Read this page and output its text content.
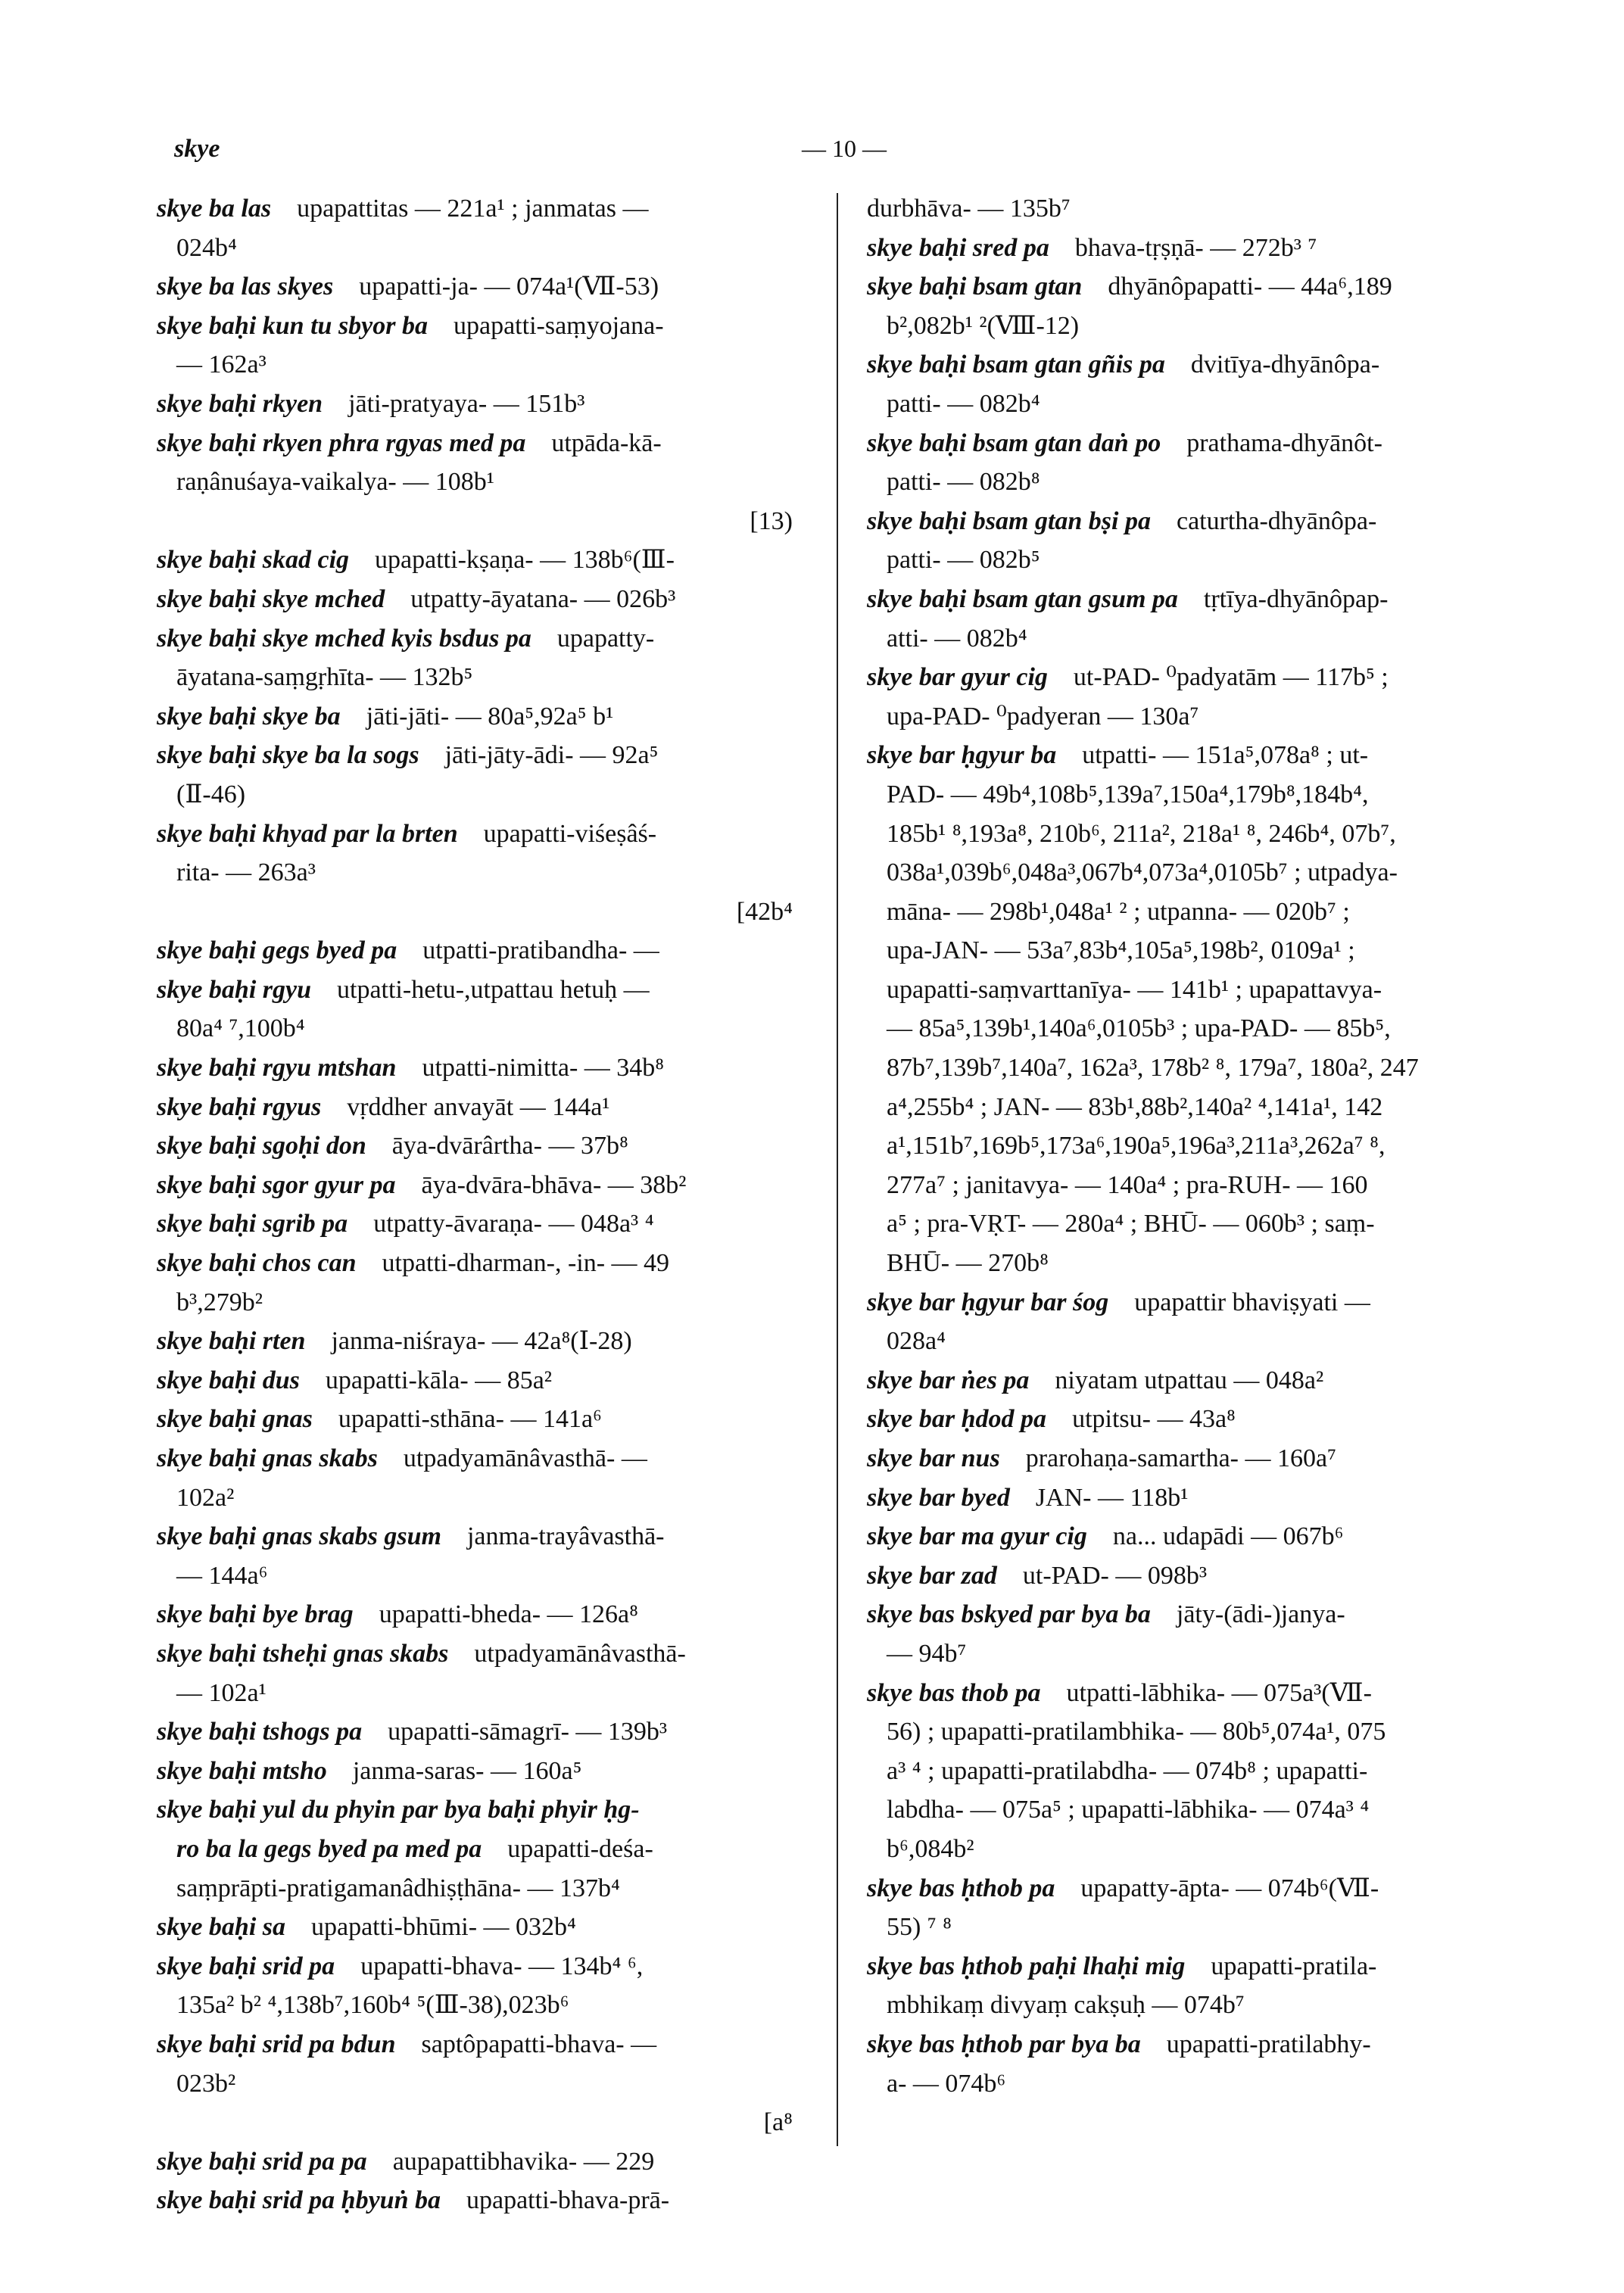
skye	— 10 —
skye ba las  upapattitas — 221a¹ ; janmatas —
024b⁴
skye ba las skyes  upapatti-ja- — 074a¹(Ⅶ-53)
skye baḥi kun tu sbyor ba  upapatti-saṃyojana-
— 162a³
skye baḥi rkyen  jāti-pratyaya- — 151b³
skye baḥi rkyen phra rgyas med pa  utpāda-kā-
raṇânuśaya-vaikalya- — 108b¹
[13)
skye baḥi skad cig  upapatti-kṣaṇa- — 138b⁶(Ⅲ-
skye baḥi skye mched  utpatty-āyatana- — 026b³
skye baḥi skye mched kyis bsdus pa  upapatty-
āyatana-saṃgṛhīta- — 132b⁵
skye baḥi skye ba  jāti-jāti- — 80a⁵,92a⁵ b¹
skye baḥi skye ba la sogs  jāti-jāty-ādi- — 92a⁵
(Ⅱ-46)
skye baḥi khyad par la brten  upapatti-viśeṣâś-
rita- — 263a³
[42b⁴
skye baḥi gegs byed pa  utpatti-pratibandha- —
skye baḥi rgyu  utpatti-hetu-,utpattau hetuḥ —
80a⁴ ⁷,100b⁴
skye baḥi rgyu mtshan  utpatti-nimitta- — 34b⁸
skye baḥi rgyus  vṛddher anvayāt — 144a¹
skye baḥi sgoḥi don  āya-dvārârtha- — 37b⁸
skye baḥi sgor gyur pa  āya-dvāra-bhāva- — 38b²
skye baḥi sgrib pa  utpatty-āvaraṇa- — 048a³ ⁴
skye baḥi chos can  utpatti-dharman-, -in- — 49
b³,279b²
skye baḥi rten  janma-niśraya- — 42a⁸(Ⅰ-28)
skye baḥi dus  upapatti-kāla- — 85a²
skye baḥi gnas  upapatti-sthāna- — 141a⁶
skye baḥi gnas skabs  utpadyamānâvasthā- —
102a²
skye baḥi gnas skabs gsum  janma-trayâvasthā-
— 144a⁶
skye baḥi bye brag  upapatti-bheda- — 126a⁸
skye baḥi tsheḥi gnas skabs  utpadyamānâvasthā-
— 102a¹
skye baḥi tshogs pa  upapatti-sāmagrī- — 139b³
skye baḥi mtsho  janma-saras- — 160a⁵
skye baḥi yul du phyin par bya baḥi phyir ḥg-
ro ba la gegs byed pa med pa  upapatti-deśa-
saṃprāpti-pratigamanâdhiṣṭhāna- — 137b⁴
skye baḥi sa  upapatti-bhūmi- — 032b⁴
skye baḥi srid pa  upapatti-bhava- — 134b⁴ ⁶,
135a² b² ⁴,138b⁷,160b⁴ ⁵(Ⅲ-38),023b⁶
skye baḥi srid pa bdun  saptôpapatti-bhava- —
023b²
[a⁸
skye baḥi srid pa pa  aupapattibhavika- — 229
skye baḥi srid pa ḥbyuṅ ba  upapatti-bhava-prā-
durbhāva- — 135b⁷
skye baḥi sred pa  bhava-tṛṣṇā- — 272b³ ⁷
skye baḥi bsam gtan  dhyānôpapatti- — 44a⁶,189
b²,082b¹ ²(Ⅷ-12)
skye baḥi bsam gtan gñis pa  dvitīya-dhyānôpa-
patti- — 082b⁴
skye baḥi bsam gtan daṅ po  prathama-dhyānôt-
patti- — 082b⁸
skye baḥi bsam gtan bṣi pa  caturtha-dhyānôpa-
patti- — 082b⁵
skye baḥi bsam gtan gsum pa  tṛtīya-dhyānôpap-
atti- — 082b⁴
skye bar gyur cig  ut-PAD- ⁰padyatām — 117b⁵ ;
upa-PAD- ⁰padyeran — 130a⁷
skye bar ḥgyur ba  utpatti- — 151a⁵,078a⁸ ; ut-
PAD- — 49b⁴,108b⁵,139a⁷,150a⁴,179b⁸,184b⁴,
185b¹ ⁸,193a⁸, 210b⁶, 211a², 218a¹ ⁸, 246b⁴, 07b⁷,
038a¹,039b⁶,048a³,067b⁴,073a⁴,0105b⁷ ; utpadya-
māna- — 298b¹,048a¹ ² ; utpanna- — 020b⁷ ;
upa-JAN- — 53a⁷,83b⁴,105a⁵,198b², 0109a¹ ;
upapatti-saṃvarttanīya- — 141b¹ ; upapattavya-
— 85a⁵,139b¹,140a⁶,0105b³ ; upa-PAD- — 85b⁵,
87b⁷,139b⁷,140a⁷, 162a³, 178b² ⁸, 179a⁷, 180a², 247
a⁴,255b⁴ ; JAN- — 83b¹,88b²,140a² ⁴,141a¹, 142
a¹,151b⁷,169b⁵,173a⁶,190a⁵,196a³,211a³,262a⁷ ⁸,
277a⁷ ; janitavya- — 140a⁴ ; pra-RUH- — 160
a⁵ ; pra-VṚT- — 280a⁴ ; BHŪ- — 060b³ ; saṃ-
BHŪ- — 270b⁸
skye bar ḥgyur bar śog  upapattir bhaviṣyati —
028a⁴
skye bar ṅes pa  niyatam utpattau — 048a²
skye bar ḥdod pa  utpitsu- — 43a⁸
skye bar nus  prarohaṇa-samartha- — 160a⁷
skye bar byed  JAN- — 118b¹
skye bar ma gyur cig  na... udapādi — 067b⁶
skye bar zad  ut-PAD- — 098b³
skye bas bskyed par bya ba  jāty-(ādi-)janya-
— 94b⁷
skye bas thob pa  utpatti-lābhika- — 075a³(Ⅶ-
56) ; upapatti-pratilambhika- — 80b⁵,074a¹, 075
a³ ⁴ ; upapatti-pratilabdha- — 074b⁸ ; upapatti-
labdha- — 075a⁵ ; upapatti-lābhika- — 074a³ ⁴
b⁶,084b²
skye bas ḥthob pa  upapatty-āpta- — 074b⁶(Ⅶ-
55) ⁷ ⁸
skye bas ḥthob paḥi lhaḥi mig  upapatti-pratila-
mbhikaṃ divyaṃ cakṣuḥ — 074b⁷
skye bas ḥthob par bya ba  upapatti-pratilabhy-
a- — 074b⁶
